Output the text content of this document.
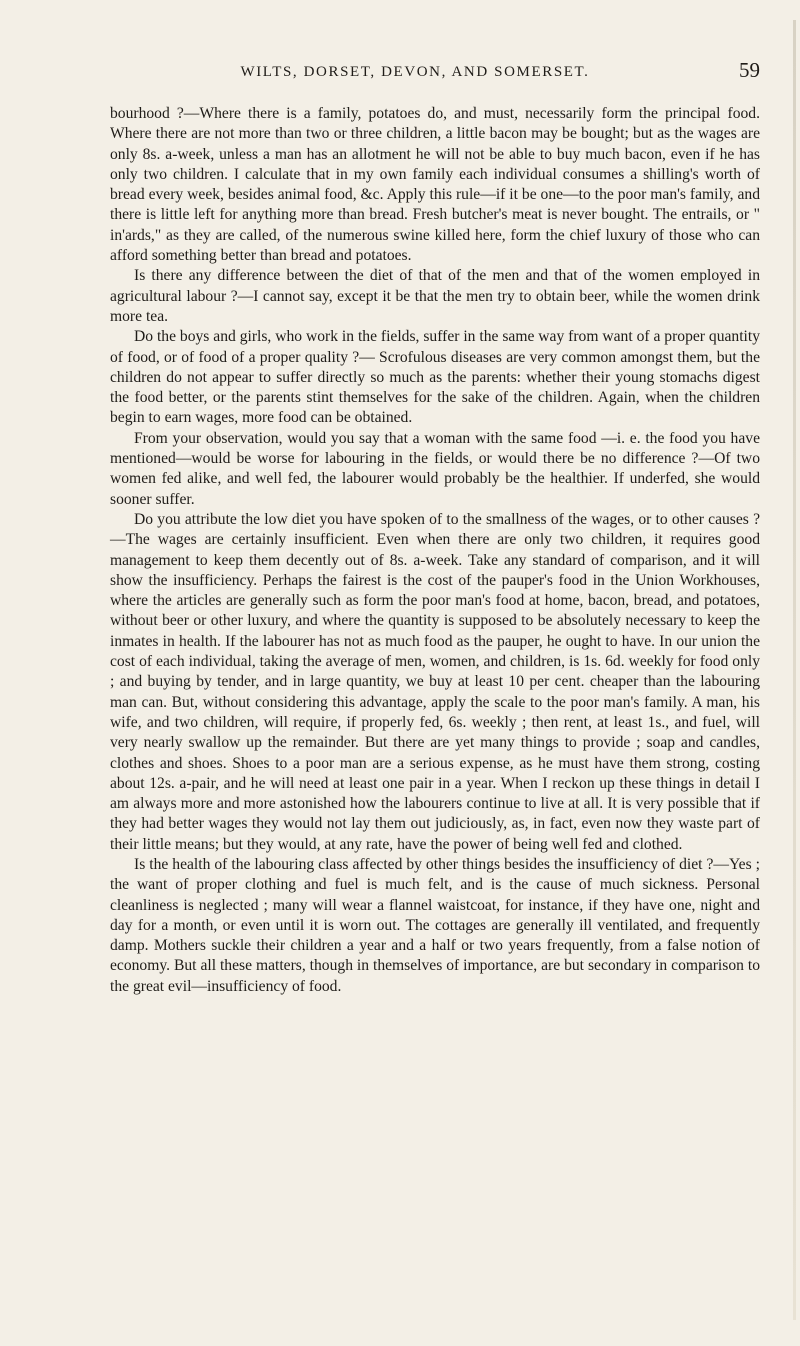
WILTS, DORSET, DEVON, AND SOMERSET.	59

bourhood ?—Where there is a family, potatoes do, and must, necessarily form the principal food. Where there are not more than two or three children, a little bacon may be bought; but as the wages are only 8s. a-week, unless a man has an allotment he will not be able to buy much bacon, even if he has only two children. I calculate that in my own family each individual consumes a shilling's worth of bread every week, besides animal food, &c. Apply this rule—if it be one—to the poor man's family, and there is little left for anything more than bread. Fresh butcher's meat is never bought. The entrails, or " in'ards," as they are called, of the numerous swine killed here, form the chief luxury of those who can afford something better than bread and potatoes.

Is there any difference between the diet of that of the men and that of the women employed in agricultural labour ?—I cannot say, except it be that the men try to obtain beer, while the women drink more tea.

Do the boys and girls, who work in the fields, suffer in the same way from want of a proper quantity of food, or of food of a proper quality ?— Scrofulous diseases are very common amongst them, but the children do not appear to suffer directly so much as the parents: whether their young stomachs digest the food better, or the parents stint themselves for the sake of the children. Again, when the children begin to earn wages, more food can be obtained.

From your observation, would you say that a woman with the same food —i. e. the food you have mentioned—would be worse for labouring in the fields, or would there be no difference ?—Of two women fed alike, and well fed, the labourer would probably be the healthier. If underfed, she would sooner suffer.

Do you attribute the low diet you have spoken of to the smallness of the wages, or to other causes ?—The wages are certainly insufficient. Even when there are only two children, it requires good management to keep them decently out of 8s. a-week. Take any standard of comparison, and it will show the insufficiency. Perhaps the fairest is the cost of the pauper's food in the Union Workhouses, where the articles are generally such as form the poor man's food at home, bacon, bread, and potatoes, without beer or other luxury, and where the quantity is supposed to be absolutely necessary to keep the inmates in health. If the labourer has not as much food as the pauper, he ought to have. In our union the cost of each individual, taking the average of men, women, and children, is 1s. 6d. weekly for food only ; and buying by tender, and in large quantity, we buy at least 10 per cent. cheaper than the labouring man can. But, without considering this advantage, apply the scale to the poor man's family. A man, his wife, and two children, will require, if properly fed, 6s. weekly ; then rent, at least 1s., and fuel, will very nearly swallow up the remainder. But there are yet many things to provide ; soap and candles, clothes and shoes. Shoes to a poor man are a serious expense, as he must have them strong, costing about 12s. a-pair, and he will need at least one pair in a year. When I reckon up these things in detail I am always more and more astonished how the labourers continue to live at all. It is very possible that if they had better wages they would not lay them out judiciously, as, in fact, even now they waste part of their little means; but they would, at any rate, have the power of being well fed and clothed.

Is the health of the labouring class affected by other things besides the insufficiency of diet ?—Yes ; the want of proper clothing and fuel is much felt, and is the cause of much sickness. Personal cleanliness is neglected ; many will wear a flannel waistcoat, for instance, if they have one, night and day for a month, or even until it is worn out. The cottages are generally ill ventilated, and frequently damp. Mothers suckle their children a year and a half or two years frequently, from a false notion of economy. But all these matters, though in themselves of importance, are but secondary in comparison to the great evil—insufficiency of food.
